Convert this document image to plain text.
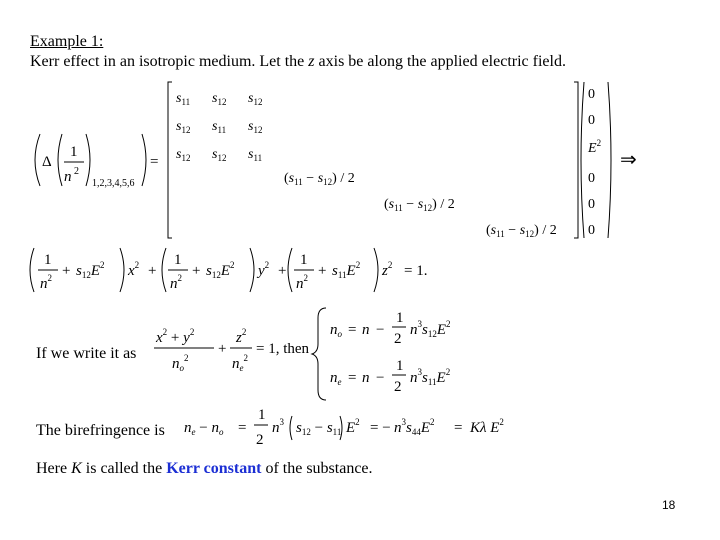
Example 1:
Kerr effect in an isotropic medium. Let the z axis be along the applied electric field.
Δ
1
n 2
1,2,3,4,5,6
=
$s_{11}$ $s_{12}$ $s_{12}$
$s_{12}$ $s_{11}$ $s_{12}$
$s_{12}$ $s_{12}$ $s_{11}$
$(s_{11} - s_{12}) / 2$
$(s_{11} - s_{12}) / 2$
$(s_{11} - s_{12}) / 2$
0
0
$E^2$
0
0
0
⇒
1
$n^2 + s_{12}E^2$ $x^2$ +
1
$n^2 + s_{12}E^2$ $y^2$ +
1
$n^2 + s_{11}E^2$ $z^2 = 1$.
If we write it as
$x^2 + y^2$
$n_o^2$
+
$z^2$
$n_e^2$
= 1, then
$n_o = n$ −
1
2
$n^3s_{12}E^2$
$n_e = n$ −
1
2
$n^3s_{11}E^2$
The birefringence is $n_e - n_o$ =
1
2
$n^3$ $s_{12} - s_{11}$ $E^2$ = − $n^3s_{44}E^2 = K\lambda$ $E^2$
Here K is called the Kerr constant of the substance.
18
